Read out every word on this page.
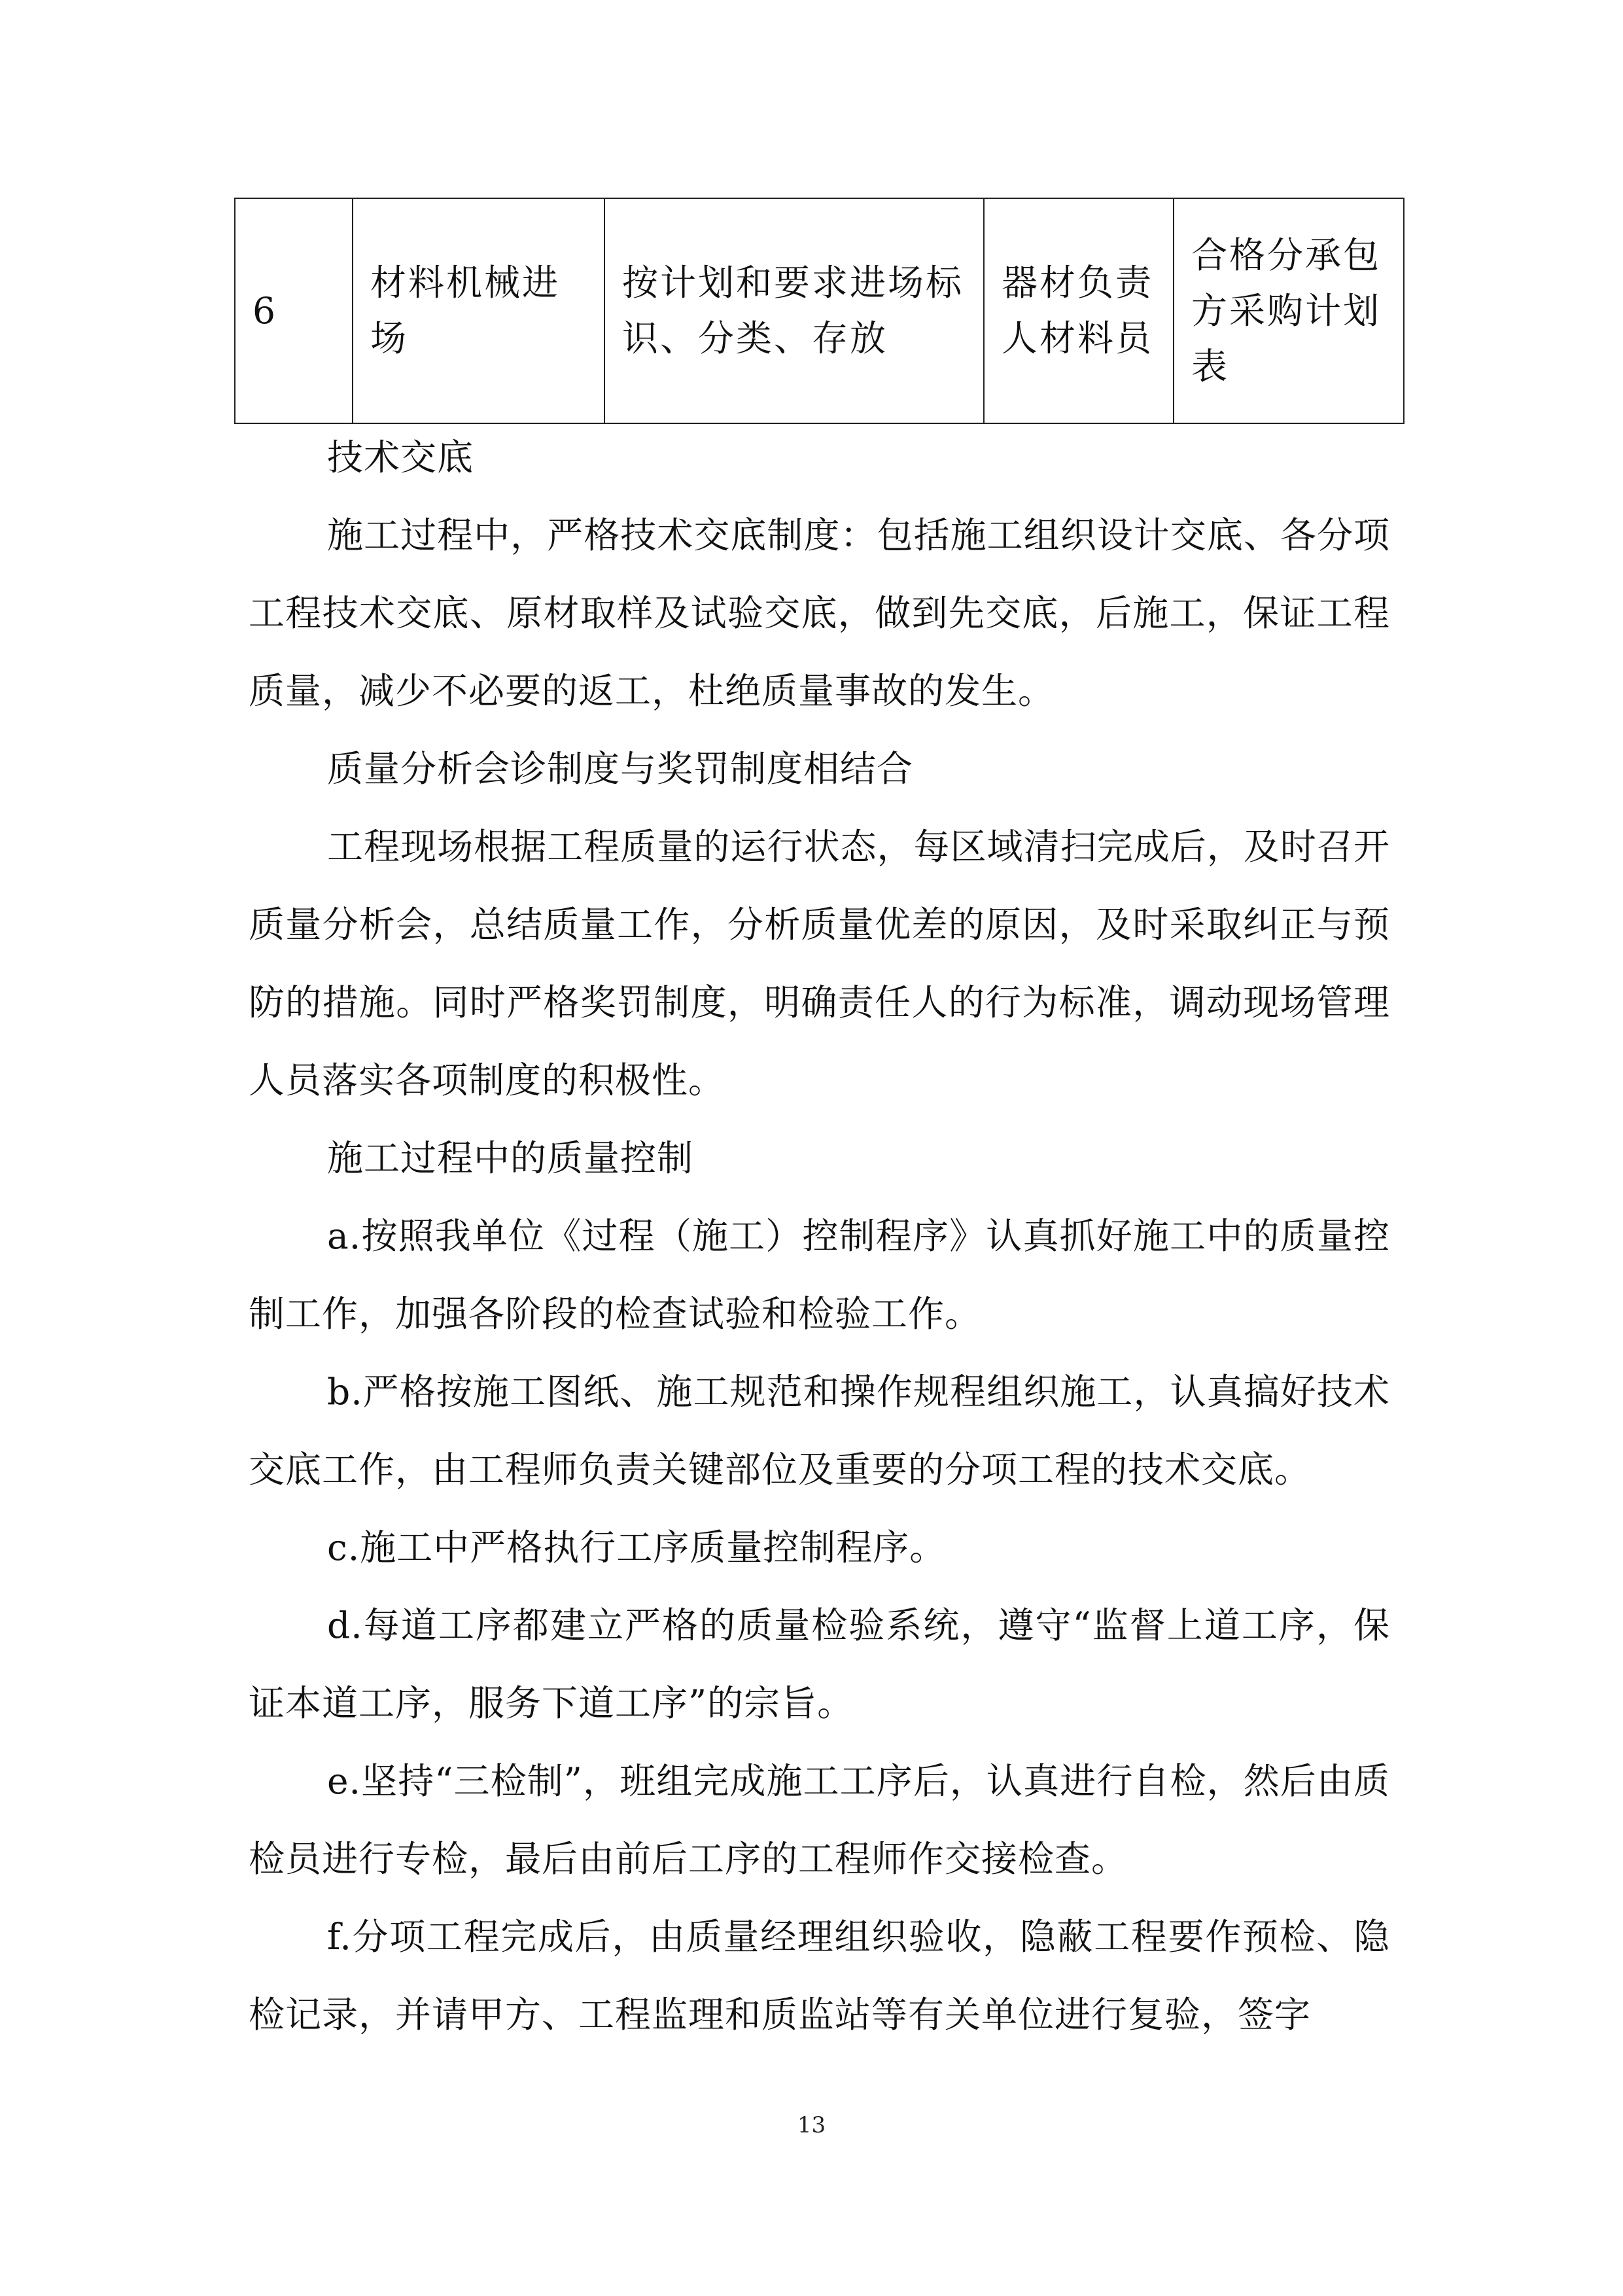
6	材料机械进场	按计划和要求进场标识、分类、存放	器材负责人材料员	合格分承包方采购计划表

技术交底

施工过程中，严格技术交底制度：包括施工组织设计交底、各分项工程技术交底、原材取样及试验交底，做到先交底，后施工，保证工程质量，减少不必要的返工，杜绝质量事故的发生。

质量分析会诊制度与奖罚制度相结合

工程现场根据工程质量的运行状态，每区域清扫完成后，及时召开质量分析会，总结质量工作，分析质量优差的原因，及时采取纠正与预防的措施。同时严格奖罚制度，明确责任人的行为标准，调动现场管理人员落实各项制度的积极性。

施工过程中的质量控制

a.按照我单位《过程（施工）控制程序》认真抓好施工中的质量控制工作，加强各阶段的检查试验和检验工作。

b.严格按施工图纸、施工规范和操作规程组织施工，认真搞好技术交底工作，由工程师负责关键部位及重要的分项工程的技术交底。

c.施工中严格执行工序质量控制程序。

d.每道工序都建立严格的质量检验系统，遵守“监督上道工序，保证本道工序，服务下道工序”的宗旨。

e.坚持“三检制”，班组完成施工工序后，认真进行自检，然后由质检员进行专检，最后由前后工序的工程师作交接检查。

f.分项工程完成后，由质量经理组织验收，隐蔽工程要作预检、隐检记录，并请甲方、工程监理和质监站等有关单位进行复验，签字

13
